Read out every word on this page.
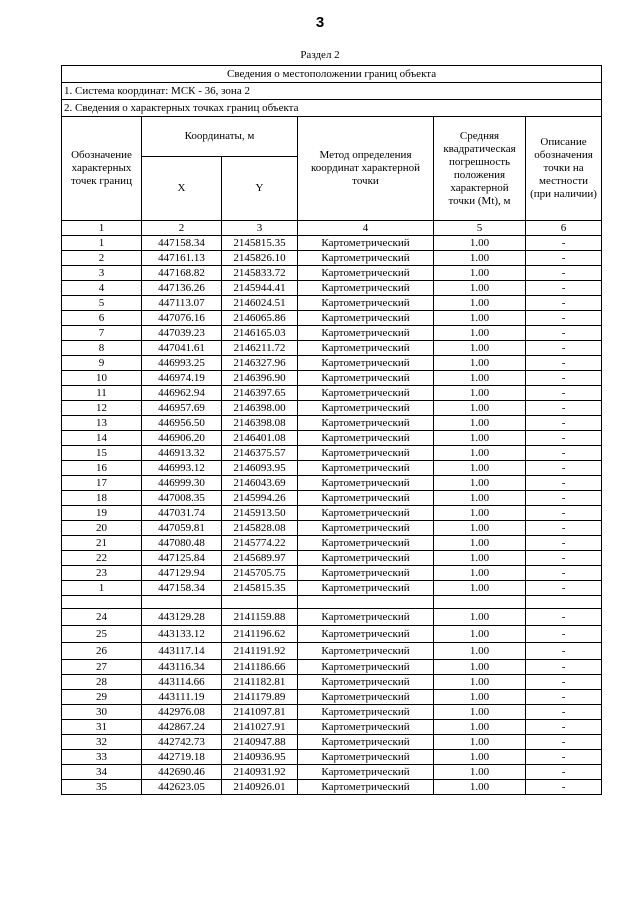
3
Раздел 2
Сведения о местоположении границ объекта					
1. Система координат: МСК - 36, зона 2					
2. Сведения о характерных точках границ объекта					
Обозначение характерных точек границ	Координаты, м		Метод определения координат характерной точки	Средняя квадратическая погрешность положения характерной точки (Mt), м	Описание обозначения точки на местности (при наличии)
	X	Y			
1	2	3	4	5	6
1	447158.34	2145815.35	Картометрический	1.00	-
2	447161.13	2145826.10	Картометрический	1.00	-
3	447168.82	2145833.72	Картометрический	1.00	-
4	447136.26	2145944.41	Картометрический	1.00	-
5	447113.07	2146024.51	Картометрический	1.00	-
6	447076.16	2146065.86	Картометрический	1.00	-
7	447039.23	2146165.03	Картометрический	1.00	-
8	447041.61	2146211.72	Картометрический	1.00	-
9	446993.25	2146327.96	Картометрический	1.00	-
10	446974.19	2146396.90	Картометрический	1.00	-
11	446962.94	2146397.65	Картометрический	1.00	-
12	446957.69	2146398.00	Картометрический	1.00	-
13	446956.50	2146398.08	Картометрический	1.00	-
14	446906.20	2146401.08	Картометрический	1.00	-
15	446913.32	2146375.57	Картометрический	1.00	-
16	446993.12	2146093.95	Картометрический	1.00	-
17	446999.30	2146043.69	Картометрический	1.00	-
18	447008.35	2145994.26	Картометрический	1.00	-
19	447031.74	2145913.50	Картометрический	1.00	-
20	447059.81	2145828.08	Картометрический	1.00	-
21	447080.48	2145774.22	Картометрический	1.00	-
22	447125.84	2145689.97	Картометрический	1.00	-
23	447129.94	2145705.75	Картометрический	1.00	-
1	447158.34	2145815.35	Картометрический	1.00	-

24	443129.28	2141159.88	Картометрический	1.00	-
25	443133.12	2141196.62	Картометрический	1.00	-
26	443117.14	2141191.92	Картометрический	1.00	-
27	443116.34	2141186.66	Картометрический	1.00	-
28	443114.66	2141182.81	Картометрический	1.00	-
29	443111.19	2141179.89	Картометрический	1.00	-
30	442976.08	2141097.81	Картометрический	1.00	-
31	442867.24	2141027.91	Картометрический	1.00	-
32	442742.73	2140947.88	Картометрический	1.00	-
33	442719.18	2140936.95	Картометрический	1.00	-
34	442690.46	2140931.92	Картометрический	1.00	-
35	442623.05	2140926.01	Картометрический	1.00	-
